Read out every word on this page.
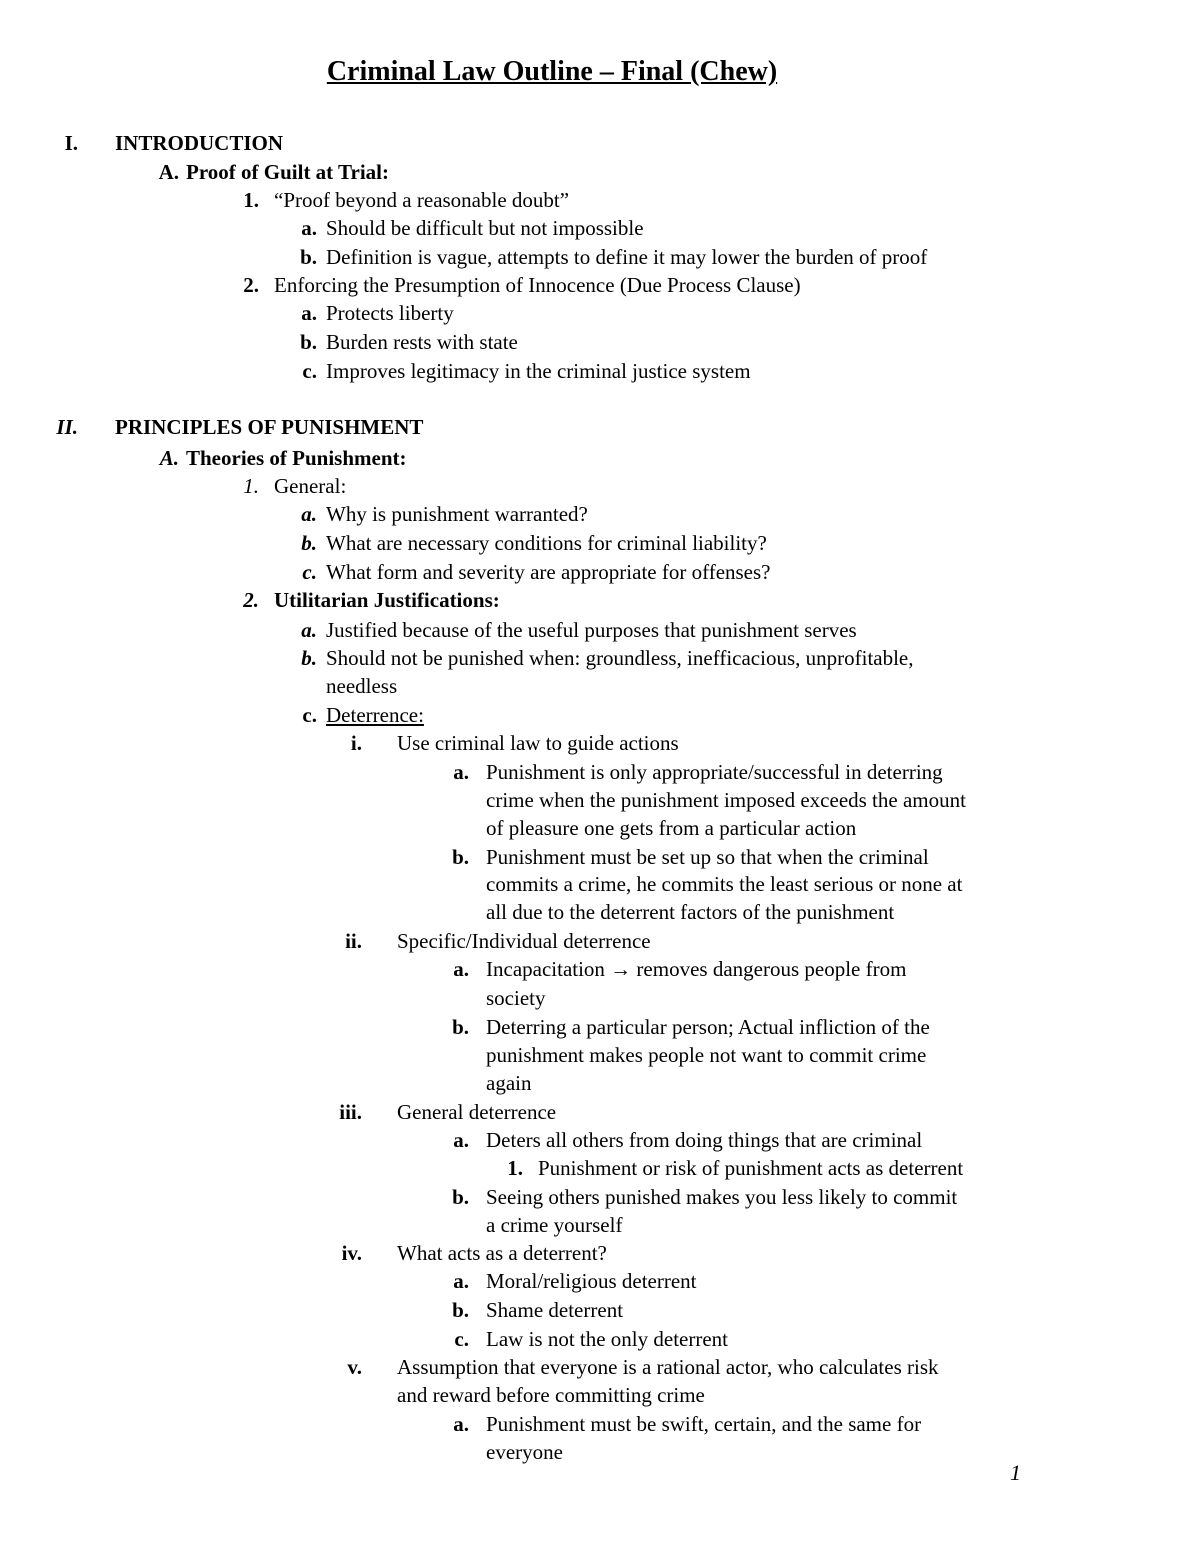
Criminal Law Outline – Final (Chew)
I. INTRODUCTION
A. Proof of Guilt at Trial:
1. “Proof beyond a reasonable doubt”
a. Should be difficult but not impossible
b. Definition is vague, attempts to define it may lower the burden of proof
2. Enforcing the Presumption of Innocence (Due Process Clause)
a. Protects liberty
b. Burden rests with state
c. Improves legitimacy in the criminal justice system
II. PRINCIPLES OF PUNISHMENT
A. Theories of Punishment:
1. General:
a. Why is punishment warranted?
b. What are necessary conditions for criminal liability?
c. What form and severity are appropriate for offenses?
2. Utilitarian Justifications:
a. Justified because of the useful purposes that punishment serves
b. Should not be punished when: groundless, inefficacious, unprofitable,
needless
c. Deterrence:
i. Use criminal law to guide actions
a. Punishment is only appropriate/successful in deterring
crime when the punishment imposed exceeds the amount
of pleasure one gets from a particular action
b. Punishment must be set up so that when the criminal
commits a crime, he commits the least serious or none at
all due to the deterrent factors of the punishment
ii. Specific/Individual deterrence
a. Incapacitation → removes dangerous people from
society
b. Deterring a particular person; Actual infliction of the
punishment makes people not want to commit crime
again
iii. General deterrence
a. Deters all others from doing things that are criminal
1. Punishment or risk of punishment acts as deterrent
b. Seeing others punished makes you less likely to commit
a crime yourself
iv. What acts as a deterrent?
a. Moral/religious deterrent
b. Shame deterrent
c. Law is not the only deterrent
v. Assumption that everyone is a rational actor, who calculates risk
and reward before committing crime
a. Punishment must be swift, certain, and the same for
everyone
1
